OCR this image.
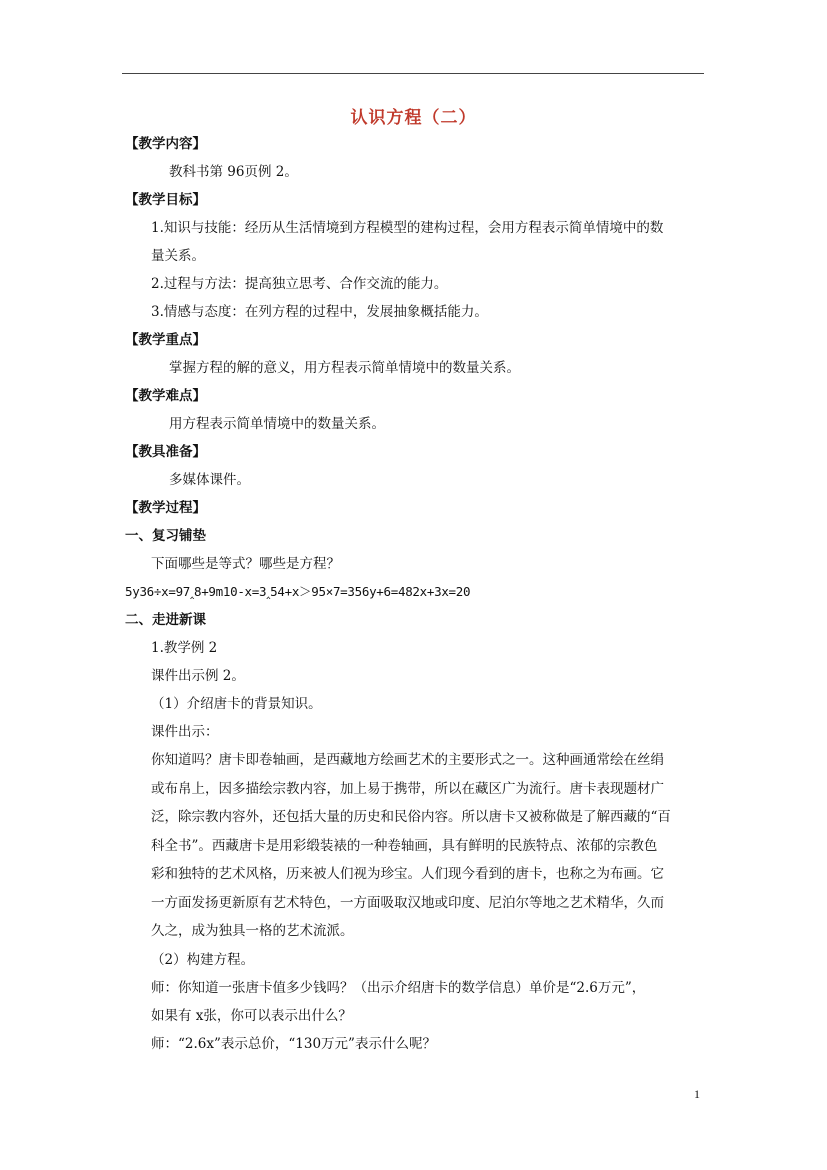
认识方程（二）
【教学内容】
教科书第 96页例 2。
【教学目标】
1.知识与技能：经历从生活情境到方程模型的建构过程，会用方程表示简单情境中的数
量关系。
2.过程与方法：提高独立思考、合作交流的能力。
3.情感与态度：在列方程的过程中，发展抽象概括能力。
【教学重点】
掌握方程的解的意义，用方程表示简单情境中的数量关系。
【教学难点】
用方程表示简单情境中的数量关系。
【教具准备】
多媒体课件。
【教学过程】
一、复习铺垫
下面哪些是等式？哪些是方程？
5y36÷x=97‸8+9m10-x=3‸54+x＞95×7=356y+6=482x+3x=20
二、走进新课
1.教学例 2
课件出示例 2。
（1）介绍唐卡的背景知识。
课件出示：
你知道吗？唐卡即卷轴画，是西藏地方绘画艺术的主要形式之一。这种画通常绘在丝绢
或布帛上，因多描绘宗教内容，加上易于携带，所以在藏区广为流行。唐卡表现题材广
泛，除宗教内容外，还包括大量的历史和民俗内容。所以唐卡又被称做是了解西藏的“百
科全书”。西藏唐卡是用彩缎装裱的一种卷轴画，具有鲜明的民族特点、浓郁的宗教色
彩和独特的艺术风格，历来被人们视为珍宝。人们现今看到的唐卡，也称之为布画。它
一方面发扬更新原有艺术特色，一方面吸取汉地或印度、尼泊尔等地之艺术精华，久而
久之，成为独具一格的艺术流派。
（2）构建方程。
师：你知道一张唐卡值多少钱吗？（出示介绍唐卡的数学信息）单价是“2.6万元”，
如果有 x张，你可以表示出什么？
师：“2.6x”表示总价，“130万元”表示什么呢？
1
